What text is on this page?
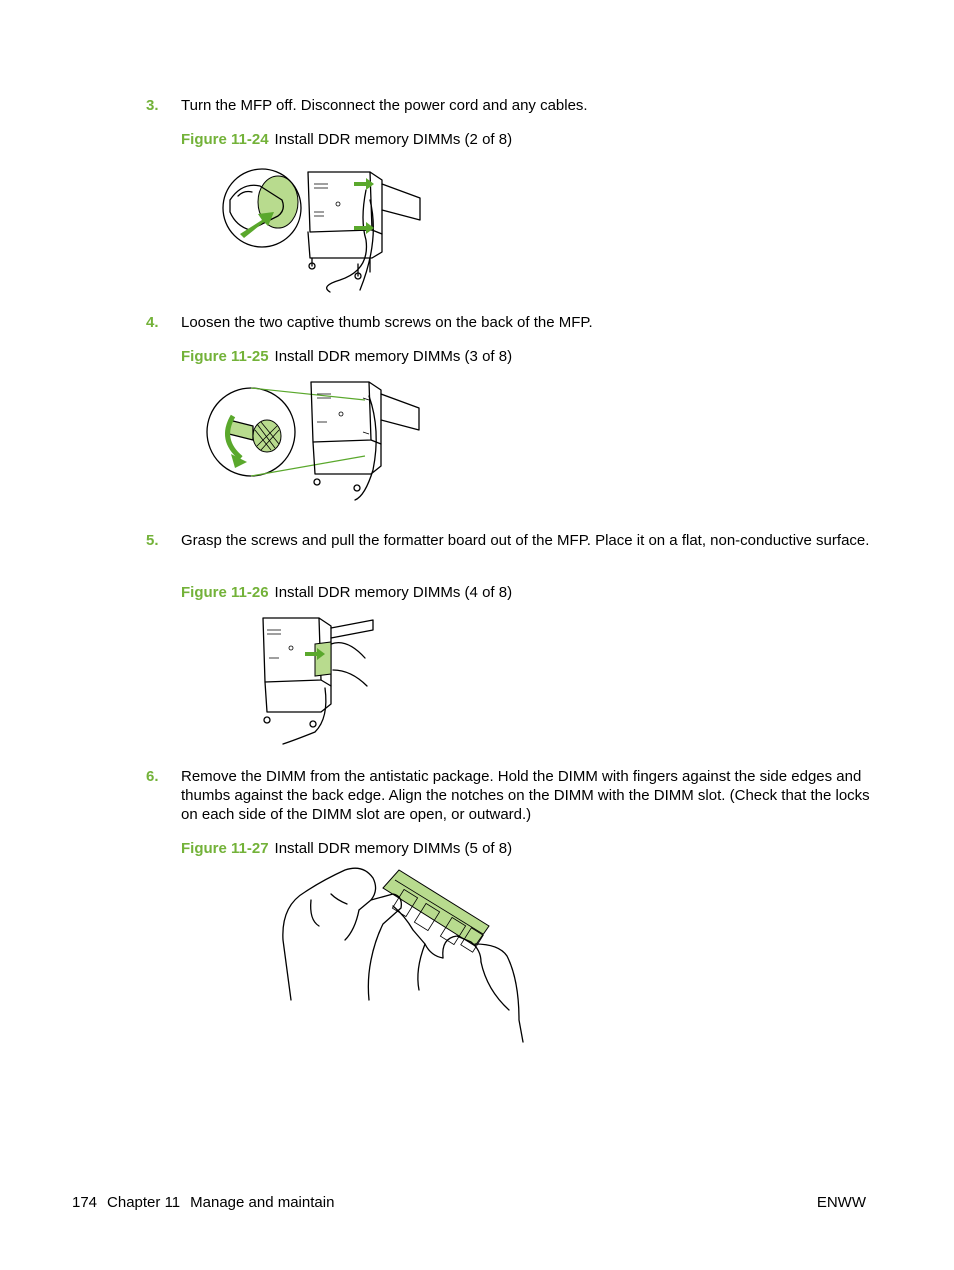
3. Turn the MFP off. Disconnect the power cord and any cables.
Figure 11-24 Install DDR memory DIMMs (2 of 8)
4. Loosen the two captive thumb screws on the back of the MFP.
Figure 11-25 Install DDR memory DIMMs (3 of 8)
5. Grasp the screws and pull the formatter board out of the MFP. Place it on a flat, non-conductive surface.
Figure 11-26 Install DDR memory DIMMs (4 of 8)
6. Remove the DIMM from the antistatic package. Hold the DIMM with fingers against the side edges and thumbs against the back edge. Align the notches on the DIMM with the DIMM slot. (Check that the locks on each side of the DIMM slot are open, or outward.)
Figure 11-27 Install DDR memory DIMMs (5 of 8)
174 Chapter 11 Manage and maintain	ENWW
